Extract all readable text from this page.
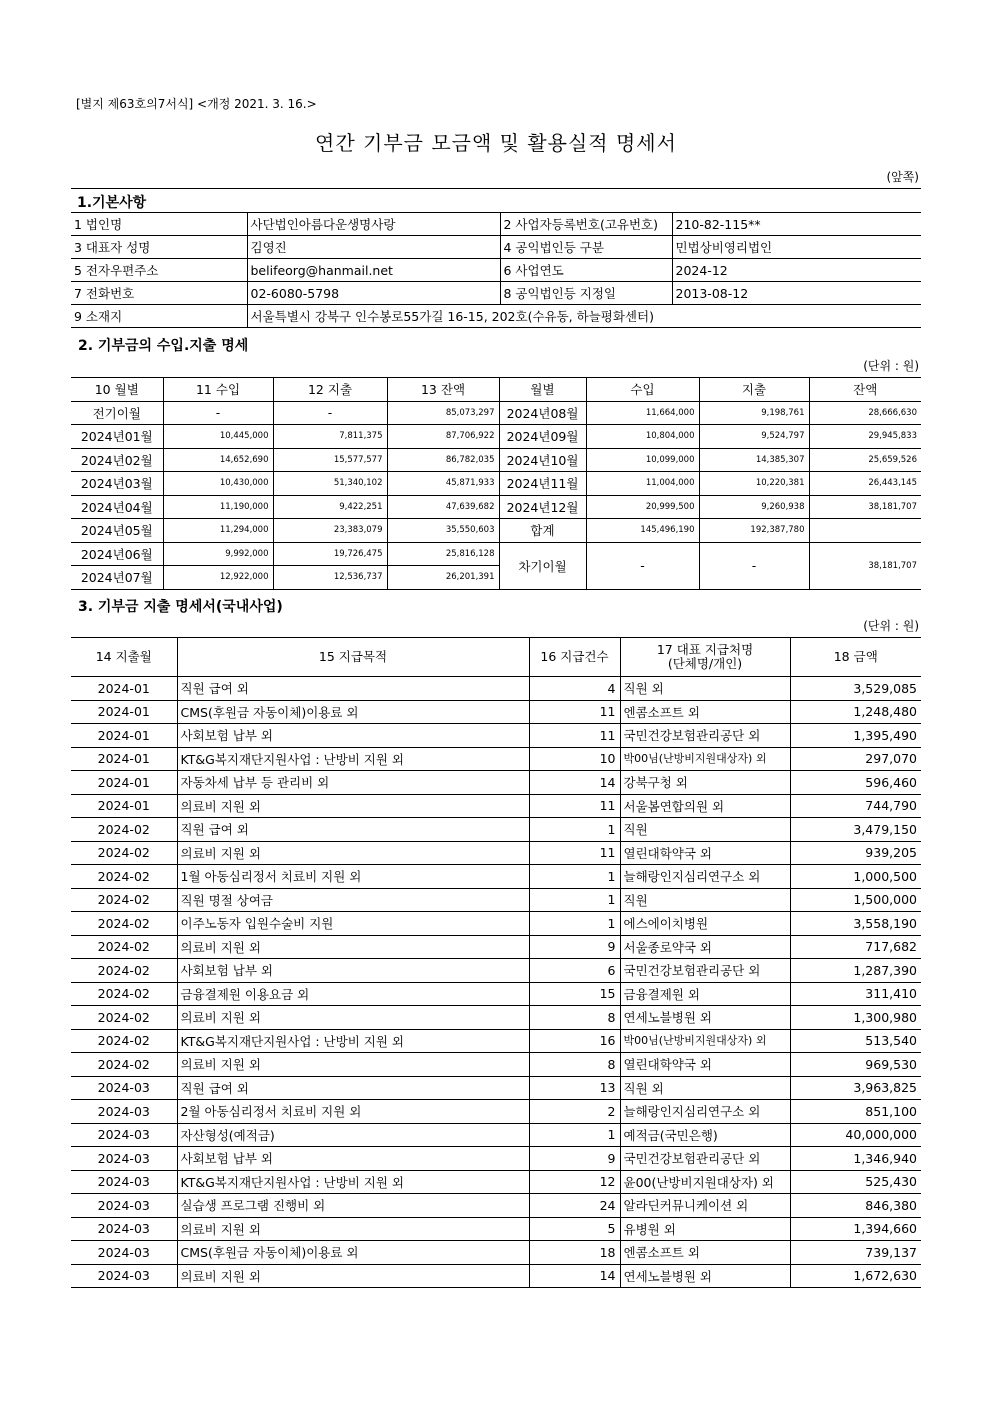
[별지 제63호의7서식] <개정 2021. 3. 16.>
연간 기부금 모금액 및 활용실적 명세서
(앞쪽)
1.기본사항
1 법인명	사단법인아름다운생명사랑	2 사업자등록번호(고유번호)	210-82-115**
3 대표자 성명	김영진	4 공익법인등 구분	민법상비영리법인
5 전자우편주소	belifeorg@hanmail.net	6 사업연도	2024-12
7 전화번호	02-6080-5798	8 공익법인등 지정일	2013-08-12
9 소재지	서울특별시 강북구 인수봉로55가길 16-15, 202호(수유동, 하늘평화센터)		
2. 기부금의 수입.지출 명세
(단위 : 원)
10 월별	11 수입	12 지출	13 잔액	월별	수입	지출	잔액
전기이월	-	-	85,073,297	2024년08월	11,664,000	9,198,761	28,666,630
2024년01월	10,445,000	7,811,375	87,706,922	2024년09월	10,804,000	9,524,797	29,945,833
2024년02월	14,652,690	15,577,577	86,782,035	2024년10월	10,099,000	14,385,307	25,659,526
2024년03월	10,430,000	51,340,102	45,871,933	2024년11월	11,004,000	10,220,381	26,443,145
2024년04월	11,190,000	9,422,251	47,639,682	2024년12월	20,999,500	9,260,938	38,181,707
2024년05월	11,294,000	23,383,079	35,550,603	합계	145,496,190	192,387,780	
2024년06월	9,992,000	19,726,475	25,816,128	차기이월	-	-	38,181,707
2024년07월	12,922,000	12,536,737	26,201,391				
3. 기부금 지출 명세서(국내사업)
(단위 : 원)
14 지출월	15 지급목적	16 지급건수	17 대표 지급처명
(단체명/개인)	18 금액
2024-01	직원 급여 외	4	직원 외	3,529,085
2024-01	CMS(후원금 자동이체)이용료 외	11	엔콤소프트 외	1,248,480
2024-01	사회보험 납부 외	11	국민건강보험관리공단 외	1,395,490
2024-01	KT&G복지재단지원사업 : 난방비 지원 외	10	박00님(난방비지원대상자) 외	297,070
2024-01	자동차세 납부 등 관리비 외	14	강북구청 외	596,460
2024-01	의료비 지원 외	11	서울봄연합의원 외	744,790
2024-02	직원 급여 외	1	직원	3,479,150
2024-02	의료비 지원 외	11	열린대학약국 외	939,205
2024-02	1월 아동심리정서 치료비 지원 외	1	늘해랑인지심리연구소 외	1,000,500
2024-02	직원 명절 상여금	1	직원	1,500,000
2024-02	이주노동자 입원수술비 지원	1	에스에이치병원	3,558,190
2024-02	의료비 지원 외	9	서울종로약국 외	717,682
2024-02	사회보험 납부 외	6	국민건강보험관리공단 외	1,287,390
2024-02	금융결제원 이용요금 외	15	금융결제원 외	311,410
2024-02	의료비 지원 외	8	연세노블병원 외	1,300,980
2024-02	KT&G복지재단지원사업 : 난방비 지원 외	16	박00님(난방비지원대상자) 외	513,540
2024-02	의료비 지원 외	8	열린대학약국 외	969,530
2024-03	직원 급여 외	13	직원 외	3,963,825
2024-03	2월 아동심리정서 치료비 지원 외	2	늘해랑인지심리연구소 외	851,100
2024-03	자산형성(예적금)	1	예적금(국민은행)	40,000,000
2024-03	사회보험 납부 외	9	국민건강보험관리공단 외	1,346,940
2024-03	KT&G복지재단지원사업 : 난방비 지원 외	12	윤00(난방비지원대상자) 외	525,430
2024-03	실습생 프로그램 진행비 외	24	알라딘커뮤니케이션 외	846,380
2024-03	의료비 지원 외	5	유병원 외	1,394,660
2024-03	CMS(후원금 자동이체)이용료 외	18	엔콤소프트 외	739,137
2024-03	의료비 지원 외	14	연세노블병원 외	1,672,630
